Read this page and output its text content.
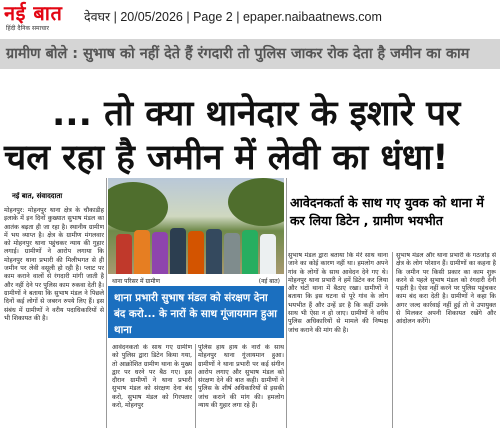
नई बात
हिंदी दैनिक समाचार
देवघर | 20/05/2026 | Page 2 | epaper.naibaatnews.com
ग्रामीण बोले : सुभाष को नहीं देते हैं रंगदारी तो पुलिस जाकर रोक देता है जमीन का काम
... तो क्या थानेदार के इशारे पर
चल रहा है जमीन में लेवी का धंधा!
नई बात, संवाददाता
मोहनपुर: मोहनपुर थाना क्षेत्र के चौकाडीह इलाके में इन दिनों कुख्यात सुभाष मंडल का आतंक बढ़ता ही जा रहा है। स्थानीय ग्रामीण में भय व्याप्त है। क्षेत्र के ग्रामीण मंगलवार को मोहनपुर थाना पहुंचकर न्याय की गुहार लगाई। ग्रामीणों ने आरोप लगाया कि मोहनपुर थाना प्रभारी की मिलीभगत से ही जमीन पर लेवी वसूली हो रही है। प्लाट पर काम कराने वालों से रंगदारी मांगी जाती है और नहीं देने पर पुलिस काम रुकवा देती है। ग्रामीणों ने बताया कि सुभाष मंडल ने पिछले दिनों कई लोगों से जबरन रुपये लिए हैं। इस संबंध में ग्रामीणों ने वरीय पदाधिकारियों से भी शिकायत की है।
थाना परिसर में ग्रामीण	(नई बात)
थाना प्रभारी सुभाष मंडल को संरक्षण देना बंद करो... के नारों के साथ गूंजायमान हुआ थाना
आवेदनकर्ता के साथ गए ग्रामीण को पुलिस द्वारा डिटेन किया गया, तो आक्रोशित ग्रामीण थाना के मुख्य द्वार पर धरने पर बैठ गए। इस दौरान ग्रामीणों ने थाना प्रभारी सुभाष मंडल को संरक्षण देना बंद करो, सुभाष मंडल को गिरफ्तार करो, मोहनपुर
पुलिस हाय हाय के नारों के साथ मोहनपुर थाना गूंजायमान हुआ। ग्रामीणों ने थाना प्रभारी पर कई संगीन आरोप लगाए और सुभाष मंडल को संरक्षण देने की बात कही। ग्रामीणों ने पुलिस के शीर्ष अधिकारियों से इसकी जांच कराने की मांग की। हमलोग न्याय की गुहार लगा रहे हैं।
आवेदनकर्ता के साथ गए युवक को थाना में कर लिया डिटेन , ग्रामीण भयभीत
सुभाष मंडल द्वारा बताया कि मेरे साथ थाना जाने का कोई कारण नहीं था। हमलोग अपने गांव के लोगों के साथ आवेदन देने गए थे। मोहनपुर थाना प्रभारी ने हमें डिटेन कर लिया और घंटों थाना में बैठाए रखा। ग्रामीणों ने बताया कि इस घटना से पूरे गांव के लोग भयभीत हैं और उन्हें डर है कि कहीं उनके साथ भी ऐसा न हो जाए। ग्रामीणों ने वरीय पुलिस अधिकारियों से मामले की निष्पक्ष जांच कराने की मांग की है।
सुभाष मंडल और थाना प्रभारी के गठजोड़ से क्षेत्र के लोग परेशान हैं। ग्रामीणों का कहना है कि जमीन पर किसी प्रकार का काम शुरू करने से पहले सुभाष मंडल को रंगदारी देनी पड़ती है। ऐसा नहीं करने पर पुलिस पहुंचकर काम बंद करा देती है। ग्रामीणों ने कहा कि अगर जल्द कार्रवाई नहीं हुई तो वे उपायुक्त से मिलकर अपनी शिकायत रखेंगे और आंदोलन करेंगे।
